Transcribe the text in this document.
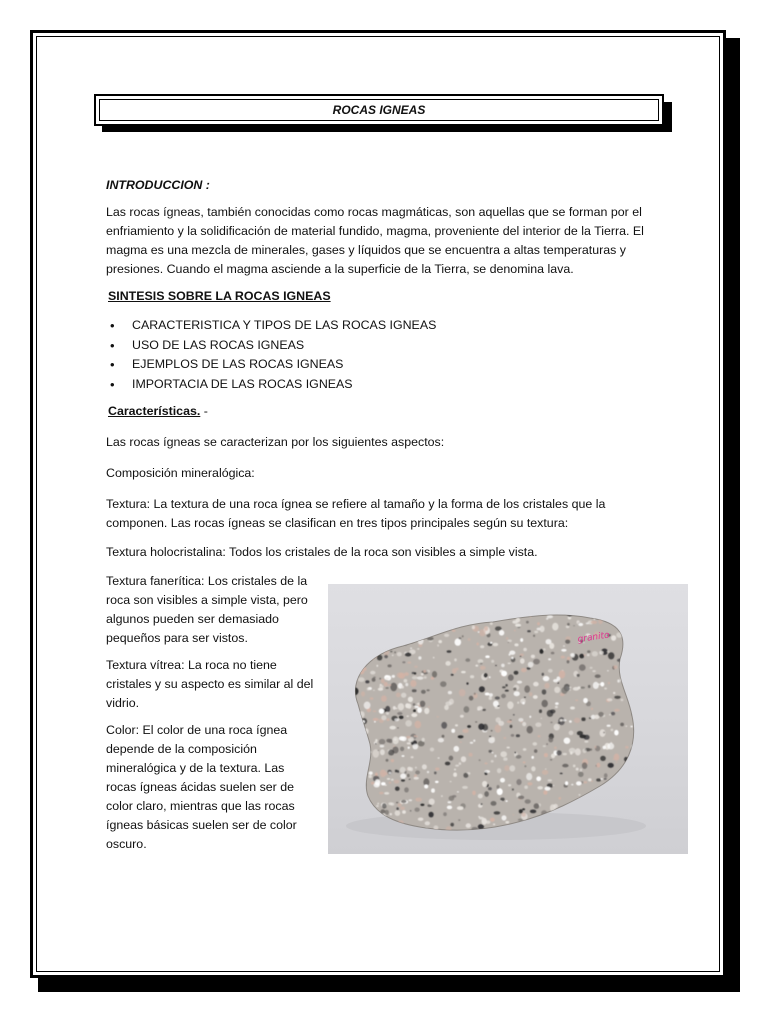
ROCAS IGNEAS
INTRODUCCION :

Las rocas ígneas, también conocidas como rocas magmáticas, son aquellas que se forman por el enfriamiento y la solidificación de material fundido, magma, proveniente del interior de la Tierra. El magma es una mezcla de minerales, gases y líquidos que se encuentra a altas temperaturas y presiones. Cuando el magma asciende a la superficie de la Tierra, se denomina lava.

SINTESIS SOBRE LA ROCAS IGNEAS
• CARACTERISTICA Y TIPOS DE LAS ROCAS IGNEAS
• USO DE LAS ROCAS IGNEAS
• EJEMPLOS DE LAS ROCAS IGNEAS
• IMPORTACIA DE LAS ROCAS IGNEAS
Características. -

Las rocas ígneas se caracterizan por los siguientes aspectos:

Composición mineralógica:

Textura: La textura de una roca ígnea se refiere al tamaño y la forma de los cristales que la componen. Las rocas ígneas se clasifican en tres tipos principales según su textura:

Textura holocristalina: Todos los cristales de la roca son visibles a simple vista.

Textura fanerítica: Los cristales de la roca son visibles a simple vista, pero algunos pueden ser demasiado pequeños para ser vistos.

Textura vítrea: La roca no tiene cristales y su aspecto es similar al del vidrio.

Color: El color de una roca ígnea depende de la composición mineralógica y de la textura. Las rocas ígneas ácidas suelen ser de color claro, mientras que las rocas ígneas básicas suelen ser de color oscuro.

granito
